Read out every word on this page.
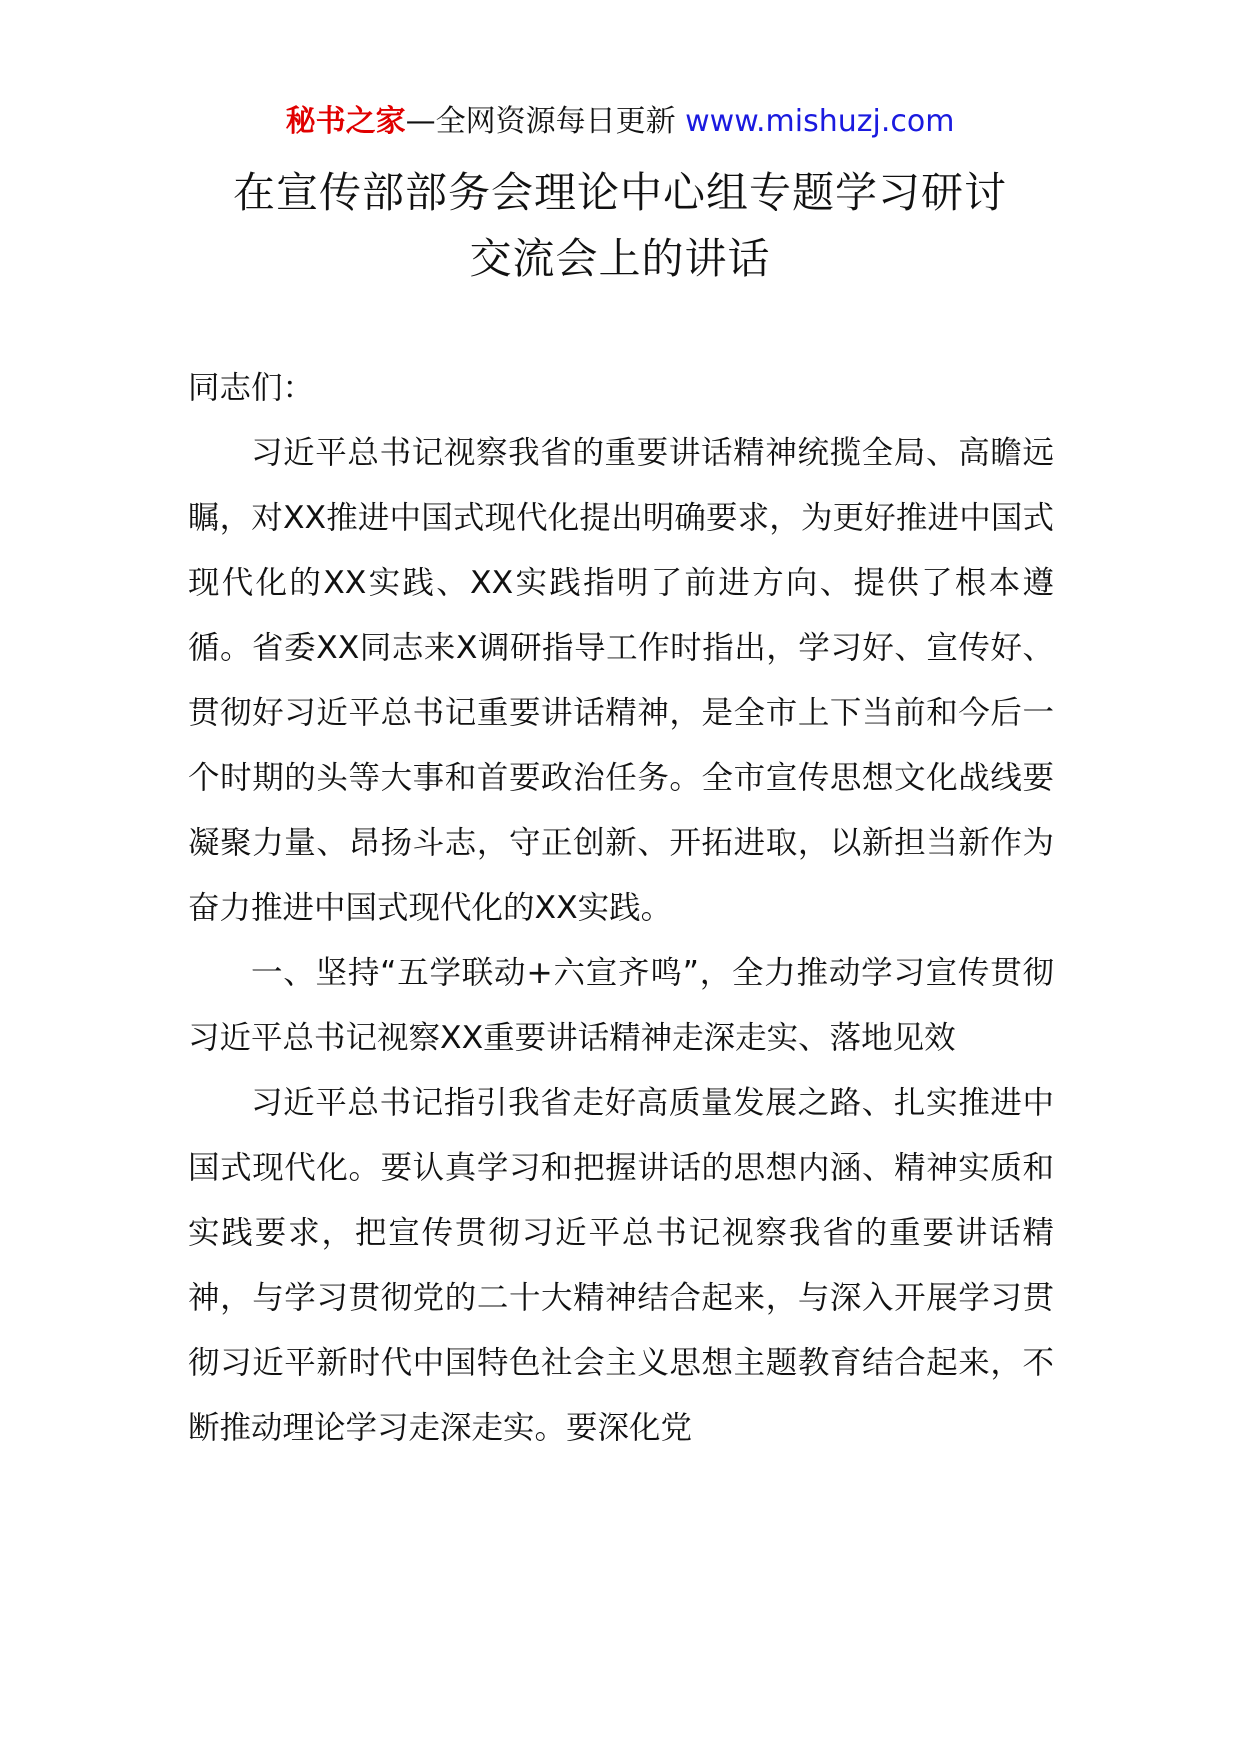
秘书之家—全网资源每日更新 www.mishuzj.com
在宣传部部务会理论中心组专题学习研讨
交流会上的讲话

同志们：

习近平总书记视察我省的重要讲话精神统揽全局、高瞻远瞩，对XX推进中国式现代化提出明确要求，为更好推进中国式现代化的XX实践、XX实践指明了前进方向、提供了根本遵循。省委XX同志来X调研指导工作时指出，学习好、宣传好、贯彻好习近平总书记重要讲话精神，是全市上下当前和今后一个时期的头等大事和首要政治任务。全市宣传思想文化战线要凝聚力量、昂扬斗志，守正创新、开拓进取，以新担当新作为奋力推进中国式现代化的XX实践。

一、坚持“五学联动+六宣齐鸣”，全力推动学习宣传贯彻习近平总书记视察XX重要讲话精神走深走实、落地见效

习近平总书记指引我省走好高质量发展之路、扎实推进中国式现代化。要认真学习和把握讲话的思想内涵、精神实质和实践要求，把宣传贯彻习近平总书记视察我省的重要讲话精神，与学习贯彻党的二十大精神结合起来，与深入开展学习贯彻习近平新时代中国特色社会主义思想主题教育结合起来，不断推动理论学习走深走实。要深化党
